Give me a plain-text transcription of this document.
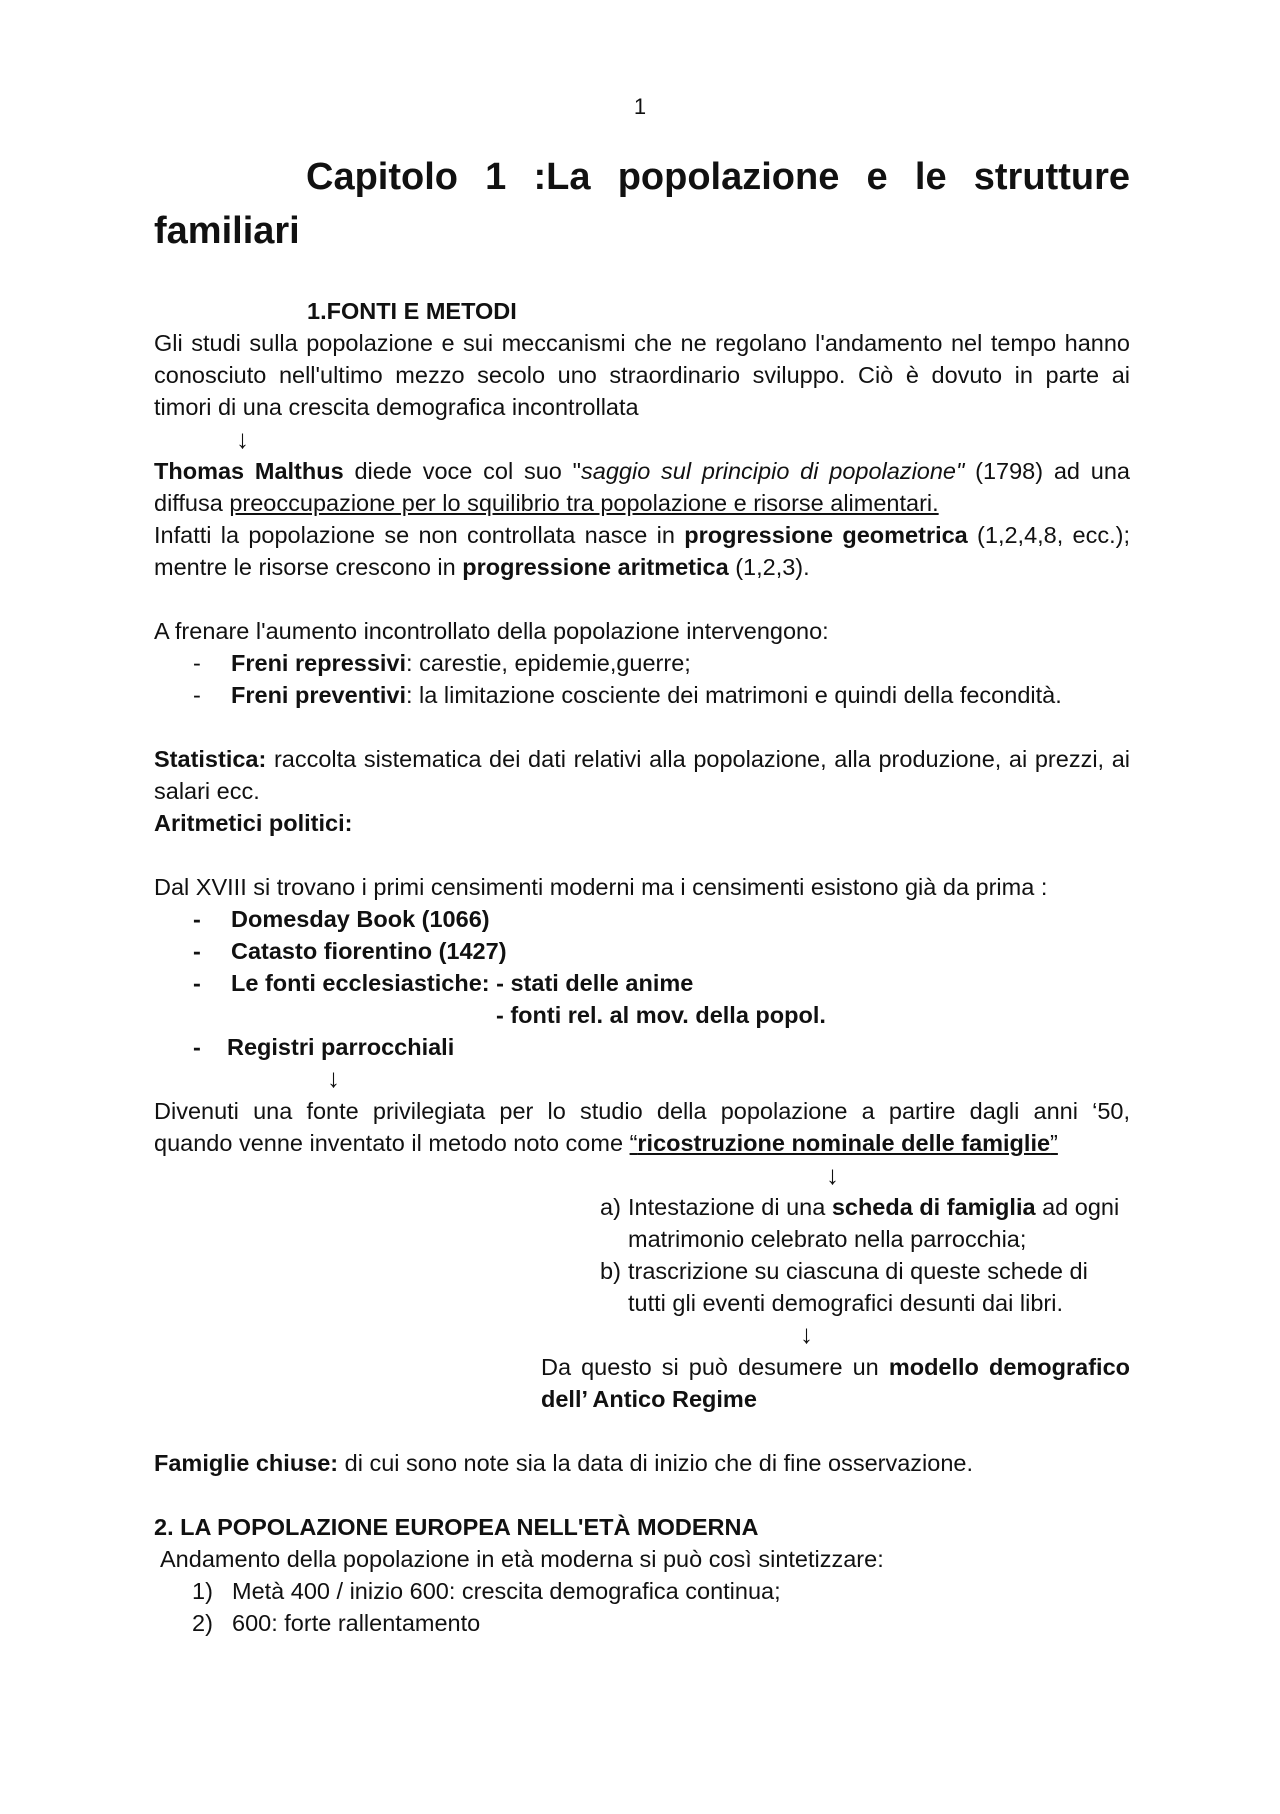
1
Capitolo 1 :La popolazione e le strutture
familiari
1.FONTI E METODI
Gli studi sulla popolazione e sui meccanismi che ne regolano l'andamento nel tempo hanno
conosciuto nell'ultimo mezzo secolo uno straordinario sviluppo. Ciò è dovuto in parte ai
timori di una crescita demografica incontrollata
↓
Thomas Malthus diede voce col suo "saggio sul principio di popolazione" (1798) ad una
diffusa preoccupazione per lo squilibrio tra popolazione e risorse alimentari.
Infatti la popolazione se non controllata nasce in progressione geometrica (1,2,4,8, ecc.);
mentre le risorse crescono in progressione aritmetica (1,2,3).
A frenare l'aumento incontrollato della popolazione intervengono:
- Freni repressivi: carestie, epidemie,guerre;
- Freni preventivi: la limitazione cosciente dei matrimoni e quindi della fecondità.
Statistica: raccolta sistematica dei dati relativi alla popolazione, alla produzione, ai prezzi, ai
salari ecc.
Aritmetici politici:
Dal XVIII si trovano i primi censimenti moderni ma i censimenti esistono già da prima :
- Domesday Book (1066)
- Catasto fiorentino (1427)
- Le fonti ecclesiastiche: - stati delle anime
- fonti rel. al mov. della popol.
- Registri parrocchiali
↓
Divenuti una fonte privilegiata per lo studio della popolazione a partire dagli anni ‘50,
quando venne inventato il metodo noto come “ricostruzione nominale delle famiglie”
↓
a) Intestazione di una scheda di famiglia ad ogni
matrimonio celebrato nella parrocchia;
b) trascrizione su ciascuna di queste schede di
tutti gli eventi demografici desunti dai libri.
↓
Da questo si può desumere un modello demografico
dell’ Antico Regime
Famiglie chiuse: di cui sono note sia la data di inizio che di fine osservazione.
2. LA POPOLAZIONE EUROPEA NELL'ETÀ MODERNA
Andamento della popolazione in età moderna si può così sintetizzare:
1) Metà 400 / inizio 600: crescita demografica continua;
2) 600: forte rallentamento
